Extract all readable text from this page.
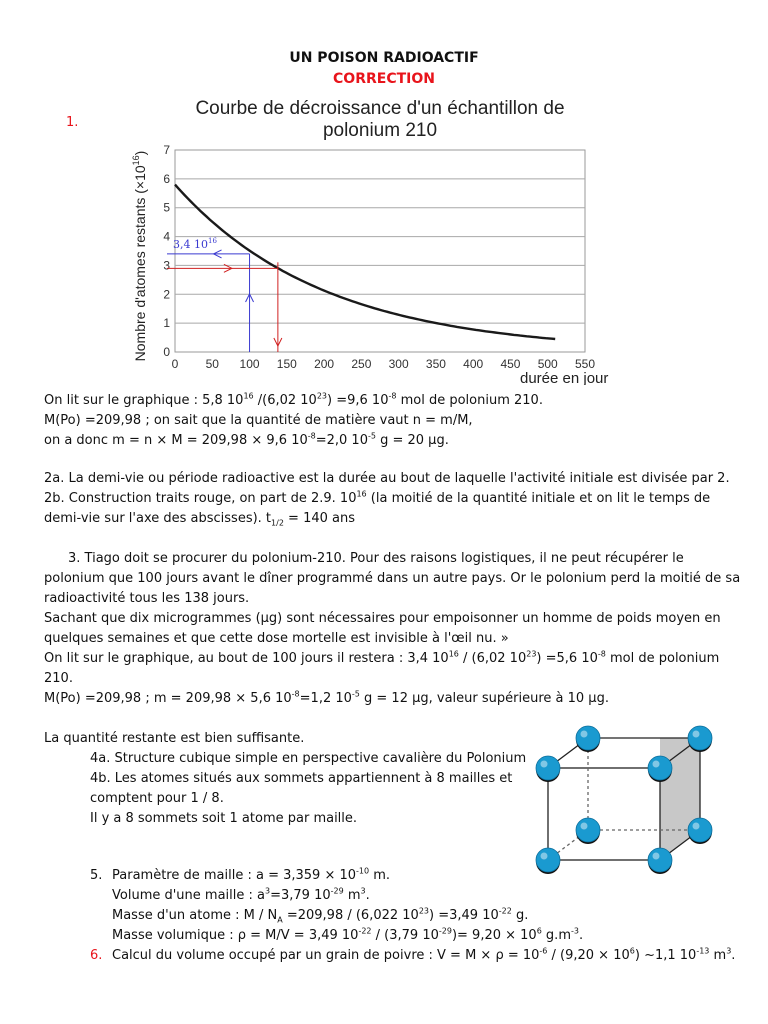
UN POISON RADIOACTIF
CORRECTION
1.
Courbe de décroissance d'un échantillon de
polonium 210
0
1
2
3
4
5
6
7
0 50 100 150 200 250 300 350 400 450 500 550
3,4 $10^{16}$
Nombre d'atomes restants $(\times 10^{16})$
durée en jour
On lit sur le graphique : 5,8 $10^{16}$ /(6,02 $10^{23}) =9,6$ $10^{-8}$ mol de polonium 210.
M(Po) =209,98 ; on sait que la quantité de matière vaut n = m/M,
on a donc m = n × M = 209,98 × 9,6 $10^{-8}=2,0$ $10^{-5}$ g = 20 μg.
2a. La demi-vie ou période radioactive est la durée au bout de laquelle l'activité initiale est divisée par 2.
2b. Construction traits rouge, on part de 2.9. $10^{16}$ (la moitié de la quantité initiale et on lit le temps de
demi-vie sur l'axe des abscisses). $t_{1/2} = 140$ ans
3. Tiago doit se procurer du polonium-210. Pour des raisons logistiques, il ne peut récupérer le
polonium que 100 jours avant le dîner programmé dans un autre pays. Or le polonium perd la moitié de sa
radioactivité tous les 138 jours.
Sachant que dix microgrammes (μg) sont nécessaires pour empoisonner un homme de poids moyen en
quelques semaines et que cette dose mortelle est invisible à l'œil nu. »
On lit sur le graphique, au bout de 100 jours il restera : 3,4 $10^{16} / (6,02$ $10^{23}) =5,6$ $10^{-8}$ mol de polonium
210.
M(Po) =209,98 ; m = 209,98 × 5,6 $10^{-8}=1,2$ $10^{-5}$ g = 12 μg, valeur supérieure à 10 μg.
La quantité restante est bien suffisante.
4a. Structure cubique simple en perspective cavalière du Polonium
4b. Les atomes situés aux sommets appartiennent à 8 mailles et
comptent pour 1 / 8.
Il y a 8 sommets soit 1 atome par maille.
5. Paramètre de maille : $a = 3,359 \times 10^{-10}$ m.
Volume d'une maille : $a^3=3,79$ $10^{-29}$ $m^3$.
Masse d'un atome : $M / N_A =209,98 / (6,022$ $10^{23}) =3,49$ $10^{-22}$ g.
Masse volumique : ρ = M/V = 3,49 $10^{-22} / (3,79$ $10^{-29})= 9,20 \times 10^6$ $g.m^{-3}$.
6. Calcul du volume occupé par un grain de poivre : $V = M \times \rho = 10^{-6} / (9,20 \times 10^6)$ ~1,1 $10^{-13}$ $m^3$.
